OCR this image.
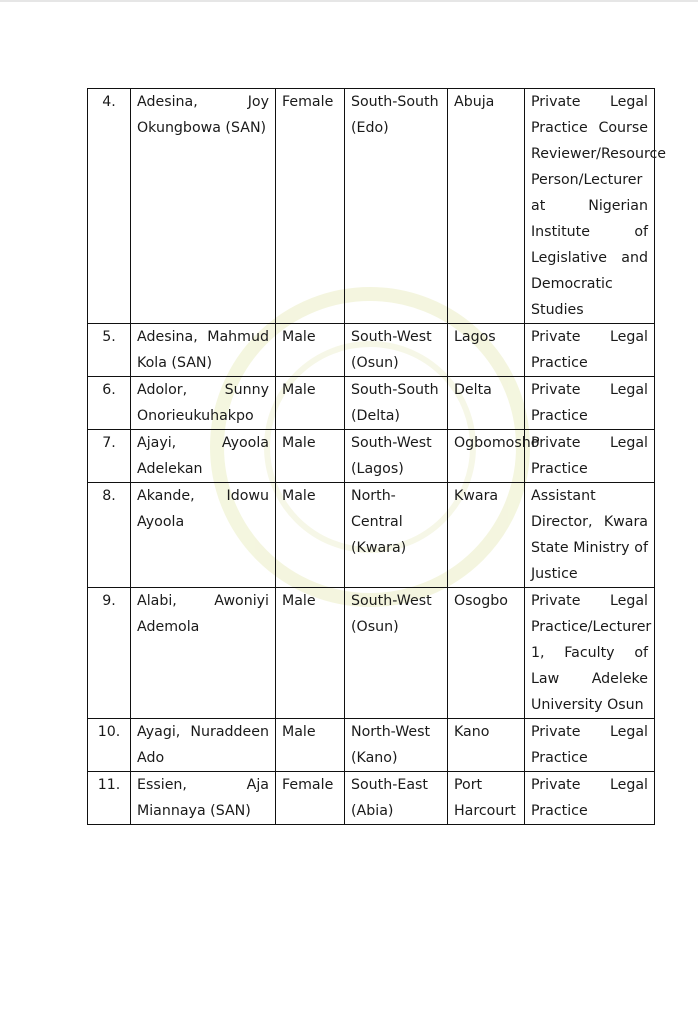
4.	Adesina, Joy Okungbowa (SAN)	Female	South-South (Edo)	Abuja	Private Legal Practice Course Reviewer/Resource Person/Lecturer at Nigerian Institute of Legislative and Democratic Studies
5.	Adesina, Mahmud Kola (SAN)	Male	South-West (Osun)	Lagos	Private Legal Practice
6.	Adolor, Sunny Onorieukuhakpo	Male	South-South (Delta)	Delta	Private Legal Practice
7.	Ajayi, Ayoola Adelekan	Male	South-West (Lagos)	Ogbomosho	Private Legal Practice
8.	Akande, Idowu Ayoola	Male	North-Central (Kwara)	Kwara	Assistant Director, Kwara State Ministry of Justice
9.	Alabi, Awoniyi Ademola	Male	South-West (Osun)	Osogbo	Private Legal Practice/Lecturer 1, Faculty of Law Adeleke University Osun
10.	Ayagi, Nuraddeen Ado	Male	North-West (Kano)	Kano	Private Legal Practice
11.	Essien, Aja Miannaya (SAN)	Female	South-East (Abia)	Port Harcourt	Private Legal Practice
